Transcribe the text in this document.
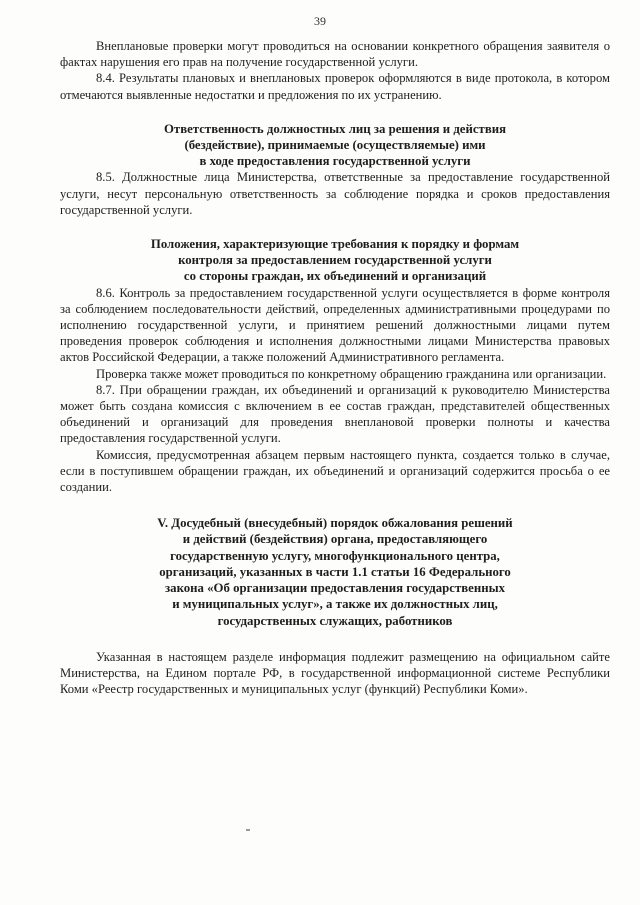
39

Внеплановые проверки могут проводиться на основании конкретного обращения заявителя о фактах нарушения его прав на получение государственной услуги.

8.4. Результаты плановых и внеплановых проверок оформляются в виде протокола, в котором отмечаются выявленные недостатки и предложения по их устранению.

Ответственность должностных лиц за решения и действия
(бездействие), принимаемые (осуществляемые) ими
в ходе предоставления государственной услуги

8.5. Должностные лица Министерства, ответственные за предоставление государственной услуги, несут персональную ответственность за соблюдение порядка и сроков предоставления государственной услуги.

Положения, характеризующие требования к порядку и формам
контроля за предоставлением государственной услуги
со стороны граждан, их объединений и организаций

8.6. Контроль за предоставлением государственной услуги осуществляется в форме контроля за соблюдением последовательности действий, определенных административными процедурами по исполнению государственной услуги, и принятием решений должностными лицами путем проведения проверок соблюдения и исполнения должностными лицами Министерства правовых актов Российской Федерации, а также положений Административного регламента.

Проверка также может проводиться по конкретному обращению гражданина или организации.

8.7. При обращении граждан, их объединений и организаций к руководителю Министерства может быть создана комиссия с включением в ее состав граждан, представителей общественных объединений и организаций для проведения внеплановой проверки полноты и качества предоставления государственной услуги.

Комиссия, предусмотренная абзацем первым настоящего пункта, создается только в случае, если в поступившем обращении граждан, их объединений и организаций содержится просьба о ее создании.

V. Досудебный (внесудебный) порядок обжалования решений
и действий (бездействия) органа, предоставляющего
государственную услугу, многофункционального центра,
организаций, указанных в части 1.1 статьи 16 Федерального
закона «Об организации предоставления государственных
и муниципальных услуг», а также их должностных лиц,
государственных служащих, работников

Указанная в настоящем разделе информация подлежит размещению на официальном сайте Министерства, на Едином портале РФ, в государственной информационной системе Республики Коми «Реестр государственных и муниципальных услуг (функций) Республики Коми».
